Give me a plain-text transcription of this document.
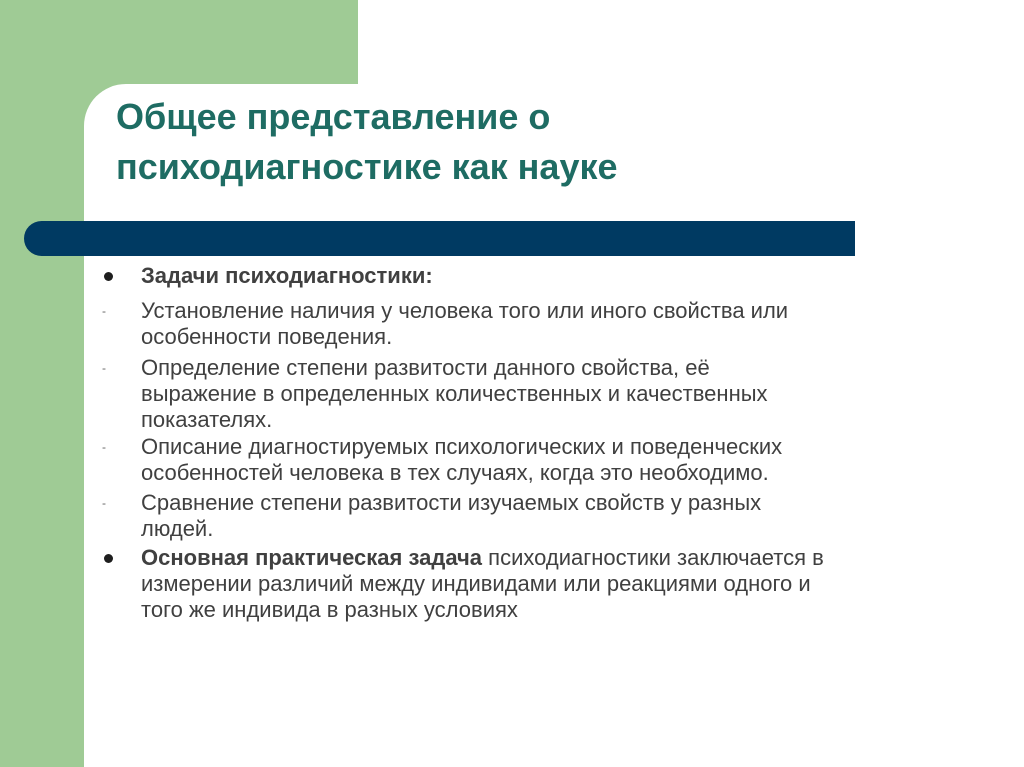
Общее представление о
психодиагностике как науке
Задачи психодиагностики:
- Установление наличия у человека того или иного свойства или
особенности поведения.
- Определение степени развитости данного свойства, её
выражение в определенных количественных и качественных
показателях.
- Описание диагностируемых психологических и поведенческих
особенностей человека в тех случаях, когда это необходимо.
- Сравнение степени развитости изучаемых свойств у разных
людей.
Основная практическая задача психодиагностики заключается в
измерении различий между индивидами или реакциями одного и
того же индивида в разных условиях
